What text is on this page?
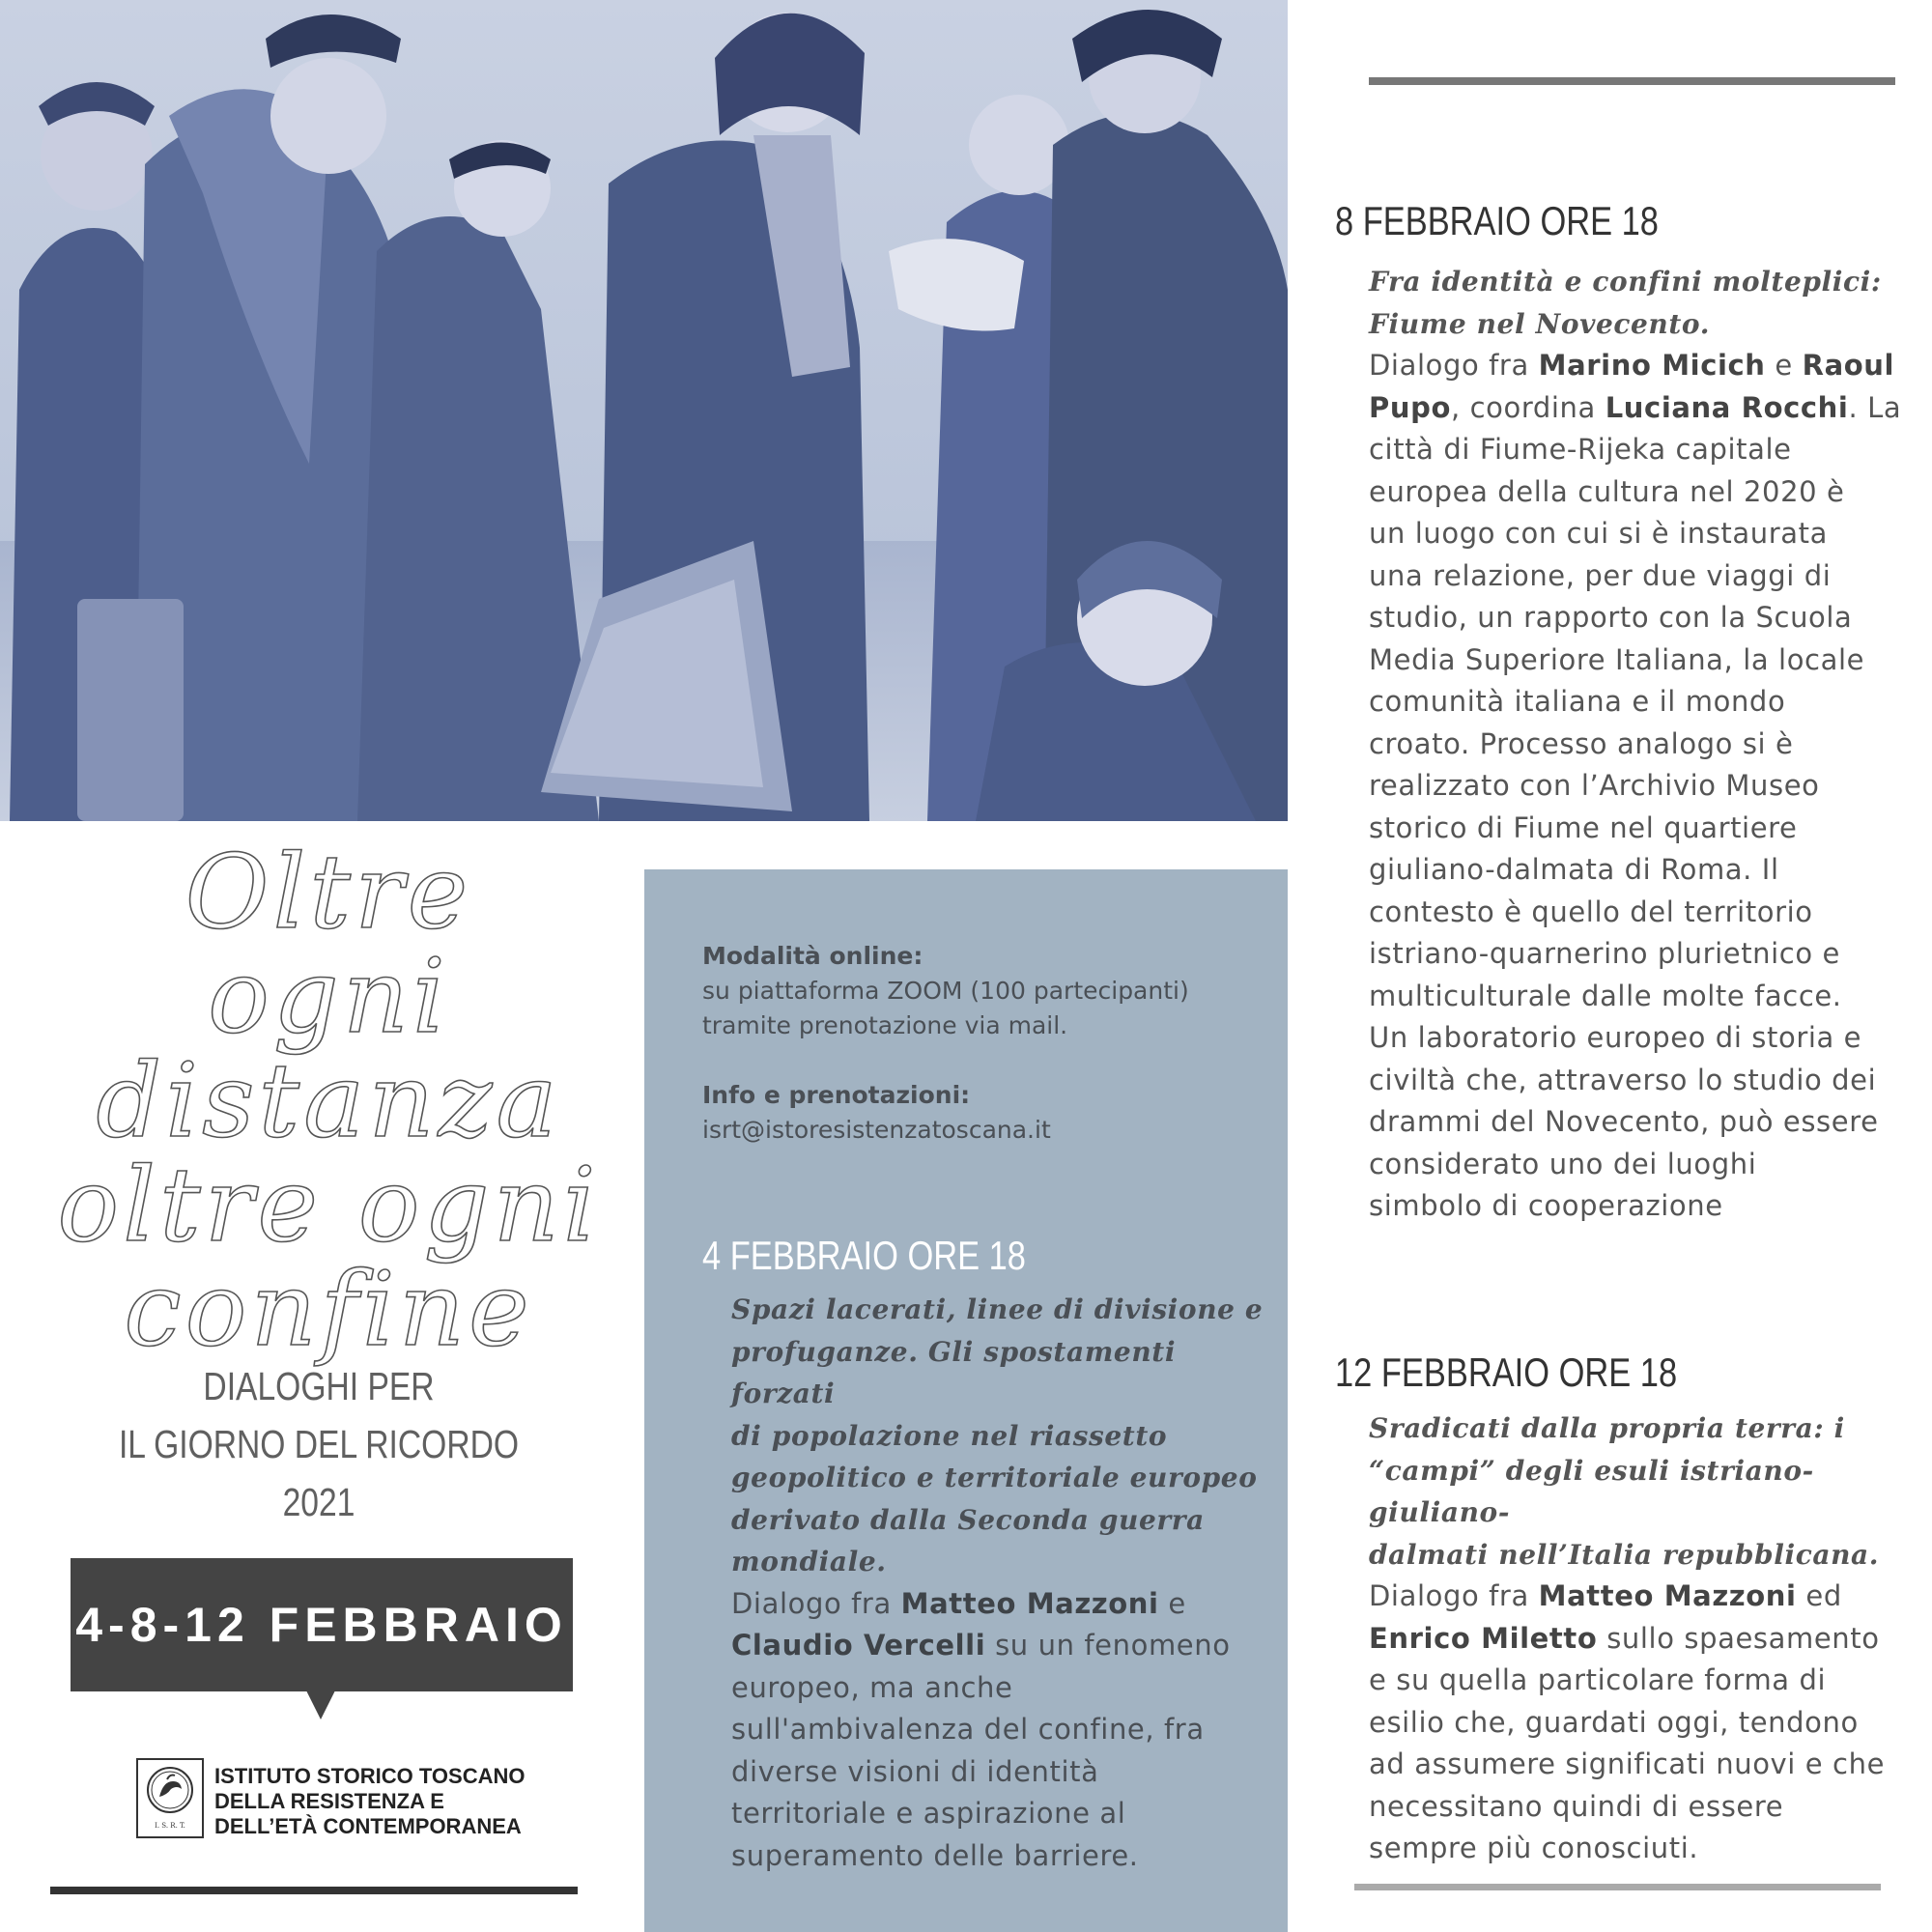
Oltre ogni
distanza
oltre ogni
confine
DIALOGHI PER
IL GIORNO DEL RICORDO 2021
4-8-12 FEBBRAIO
I. S. R. T.
ISTITUTO STORICO TOSCANO
DELLA RESISTENZA E
DELL’ETÀ CONTEMPORANEA
Modalità online:
su piattaforma ZOOM (100 partecipanti)
tramite prenotazione via mail.
Info e prenotazioni:
isrt@istoresistenzatoscana.it
4 FEBBRAIO ORE 18
Spazi lacerati, linee di divisione e
profuganze. Gli spostamenti forzati
di popolazione nel riassetto
geopolitico e territoriale europeo
derivato dalla Seconda guerra
mondiale.
Dialogo fra Matteo Mazzoni e
Claudio Vercelli su un fenomeno
europeo, ma anche
sull'ambivalenza del confine, fra
diverse visioni di identità
territoriale e aspirazione al
superamento delle barriere.
8 FEBBRAIO ORE 18
Fra identità e confini molteplici:
Fiume nel Novecento.
Dialogo fra Marino Micich e Raoul
Pupo, coordina Luciana Rocchi. La
città di Fiume-Rijeka capitale
europea della cultura nel 2020 è
un luogo con cui si è instaurata
una relazione, per due viaggi di
studio, un rapporto con la Scuola
Media Superiore Italiana, la locale
comunità italiana e il mondo
croato. Processo analogo si è
realizzato con l’Archivio Museo
storico di Fiume nel quartiere
giuliano-dalmata di Roma. Il
contesto è quello del territorio
istriano-quarnerino plurietnico e
multiculturale dalle molte facce.
Un laboratorio europeo di storia e
civiltà che, attraverso lo studio dei
drammi del Novecento, può essere
considerato uno dei luoghi
simbolo di cooperazione
12 FEBBRAIO ORE 18
Sradicati dalla propria terra: i
“campi” degli esuli istriano-giuliano-
dalmati nell’Italia repubblicana.
Dialogo fra Matteo Mazzoni ed
Enrico Miletto sullo spaesamento
e su quella particolare forma di
esilio che, guardati oggi, tendono
ad assumere significati nuovi e che
necessitano quindi di essere
sempre più conosciuti.
